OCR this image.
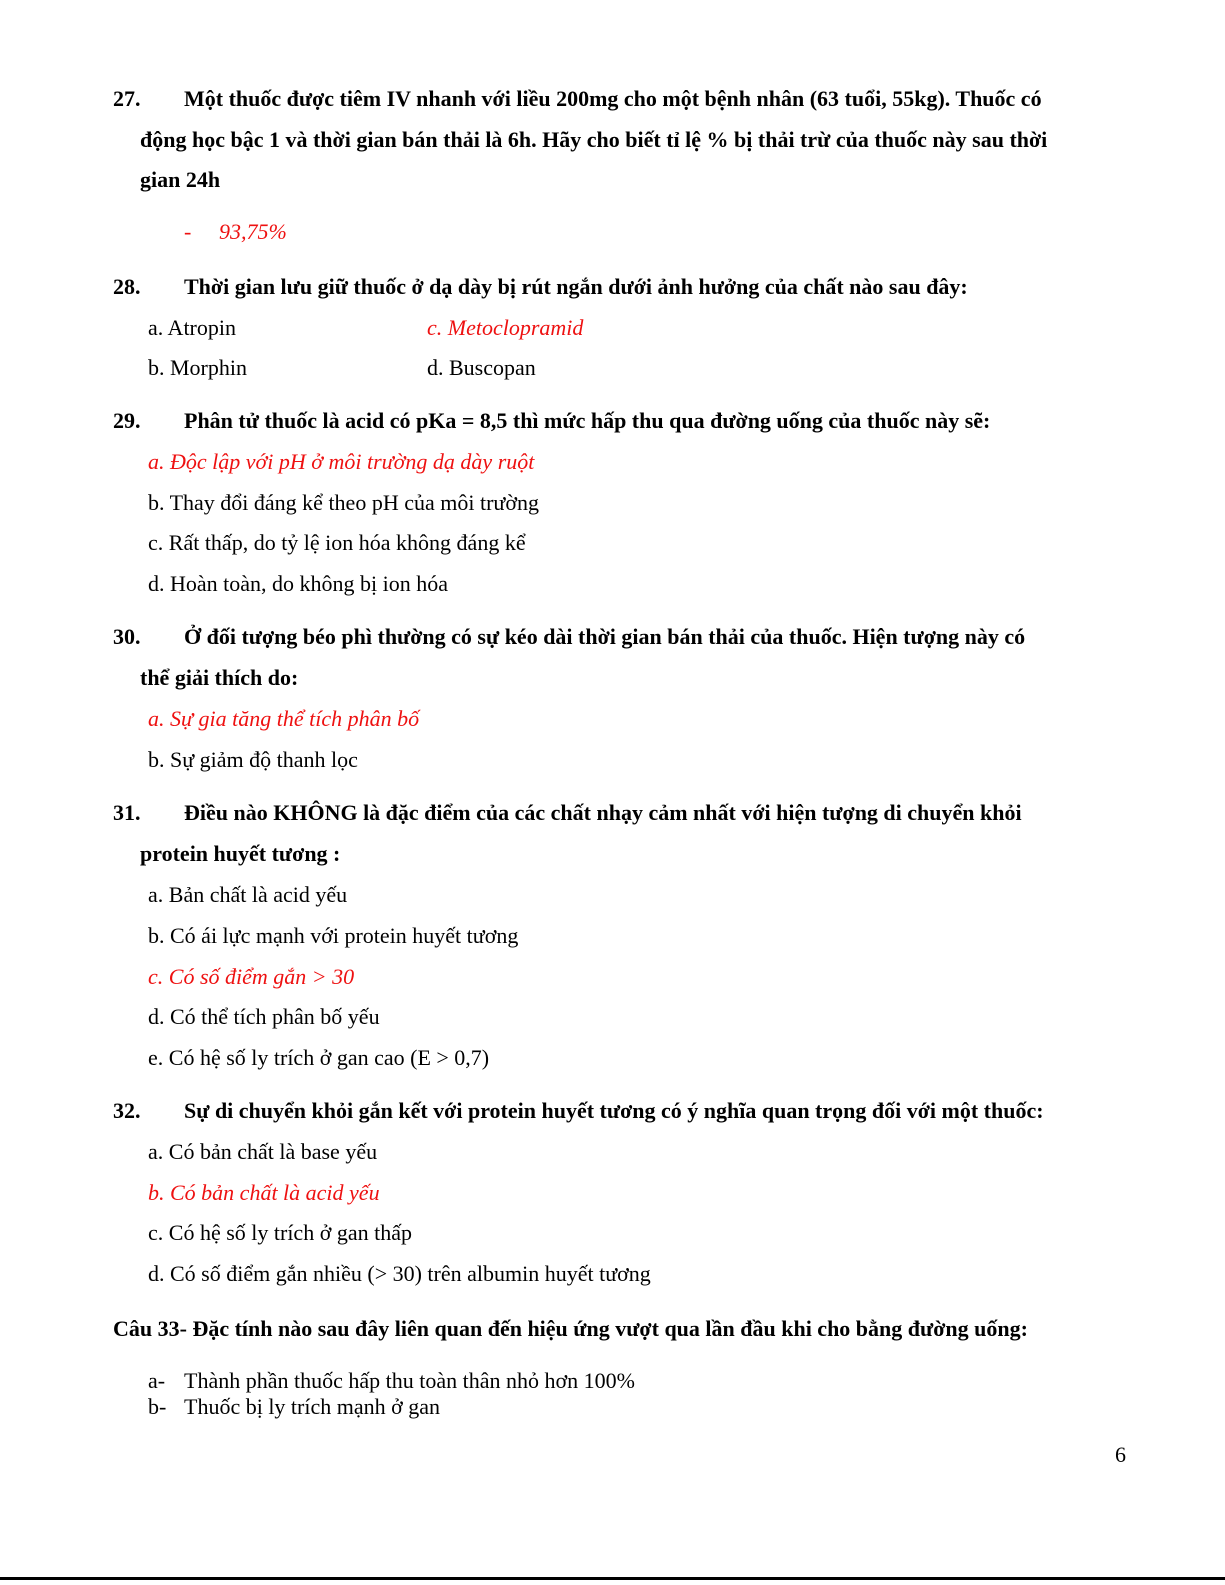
27. Một thuốc được tiêm IV nhanh với liều 200mg cho một bệnh nhân (63 tuổi, 55kg). Thuốc có
động học bậc 1 và thời gian bán thải là 6h. Hãy cho biết tỉ lệ % bị thải trừ của thuốc này sau thời
gian 24h
- 93,75%
28. Thời gian lưu giữ thuốc ở dạ dày bị rút ngắn dưới ảnh hưởng của chất nào sau đây:
a. Atropin	c. Metoclopramid
b. Morphin	d. Buscopan
29. Phân tử thuốc là acid có pKa = 8,5 thì mức hấp thu qua đường uống của thuốc này sẽ:
a. Độc lập với pH ở môi trường dạ dày ruột
b. Thay đổi đáng kể theo pH của môi trường
c. Rất thấp, do tỷ lệ ion hóa không đáng kể
d. Hoàn toàn, do không bị ion hóa
30. Ở đối tượng béo phì thường có sự kéo dài thời gian bán thải của thuốc. Hiện tượng này có
thể giải thích do:
a. Sự gia tăng thể tích phân bố
b. Sự giảm độ thanh lọc
31. Điều nào KHÔNG là đặc điểm của các chất nhạy cảm nhất với hiện tượng di chuyển khỏi
protein huyết tương :
a. Bản chất là acid yếu
b. Có ái lực mạnh với protein huyết tương
c. Có số điểm gắn > 30
d. Có thể tích phân bố yếu
e. Có hệ số ly trích ở gan cao (E > 0,7)
32. Sự di chuyển khỏi gắn kết với protein huyết tương có ý nghĩa quan trọng đối với một thuốc:
a. Có bản chất là base yếu
b. Có bản chất là acid yếu
c. Có hệ số ly trích ở gan thấp
d. Có số điểm gắn nhiều (> 30) trên albumin huyết tương
Câu 33- Đặc tính nào sau đây liên quan đến hiệu ứng vượt qua lần đầu khi cho bằng đường uống:
a- Thành phần thuốc hấp thu toàn thân nhỏ hơn 100%
b- Thuốc bị ly trích mạnh ở gan
6
